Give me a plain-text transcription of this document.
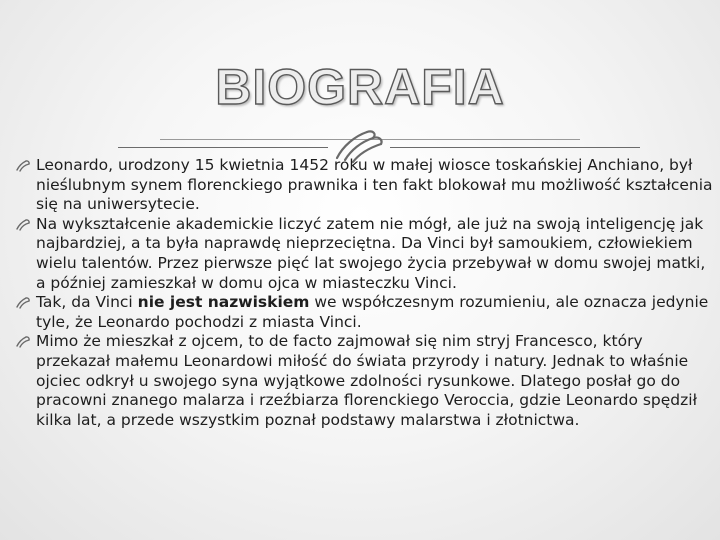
BIOGRAFIA
Leonardo, urodzony 15 kwietnia 1452 roku w małej wiosce toskańskiej Anchiano, był nieślubnym synem florenckiego prawnika i ten fakt blokował mu możliwość kształcenia się na uniwersytecie.
Na wykształcenie akademickie liczyć zatem nie mógł, ale już na swoją inteligencję jak najbardziej, a ta była naprawdę nieprzeciętna. Da Vinci był samoukiem, człowiekiem wielu talentów. Przez pierwsze pięć lat swojego życia przebywał w domu swojej matki, a później zamieszkał w domu ojca w miasteczku Vinci.
Tak, da Vinci nie jest nazwiskiem we współczesnym rozumieniu, ale oznacza jedynie tyle, że Leonardo pochodzi z miasta Vinci.
Mimo że mieszkał z ojcem, to de facto zajmował się nim stryj Francesco, który przekazał małemu Leonardowi miłość do świata przyrody i natury. Jednak to właśnie ojciec odkrył u swojego syna wyjątkowe zdolności rysunkowe. Dlatego posłał go do pracowni znanego malarza i rzeźbiarza florenckiego Veroccia, gdzie Leonardo spędził kilka lat, a przede wszystkim poznał podstawy malarstwa i złotnictwa.
